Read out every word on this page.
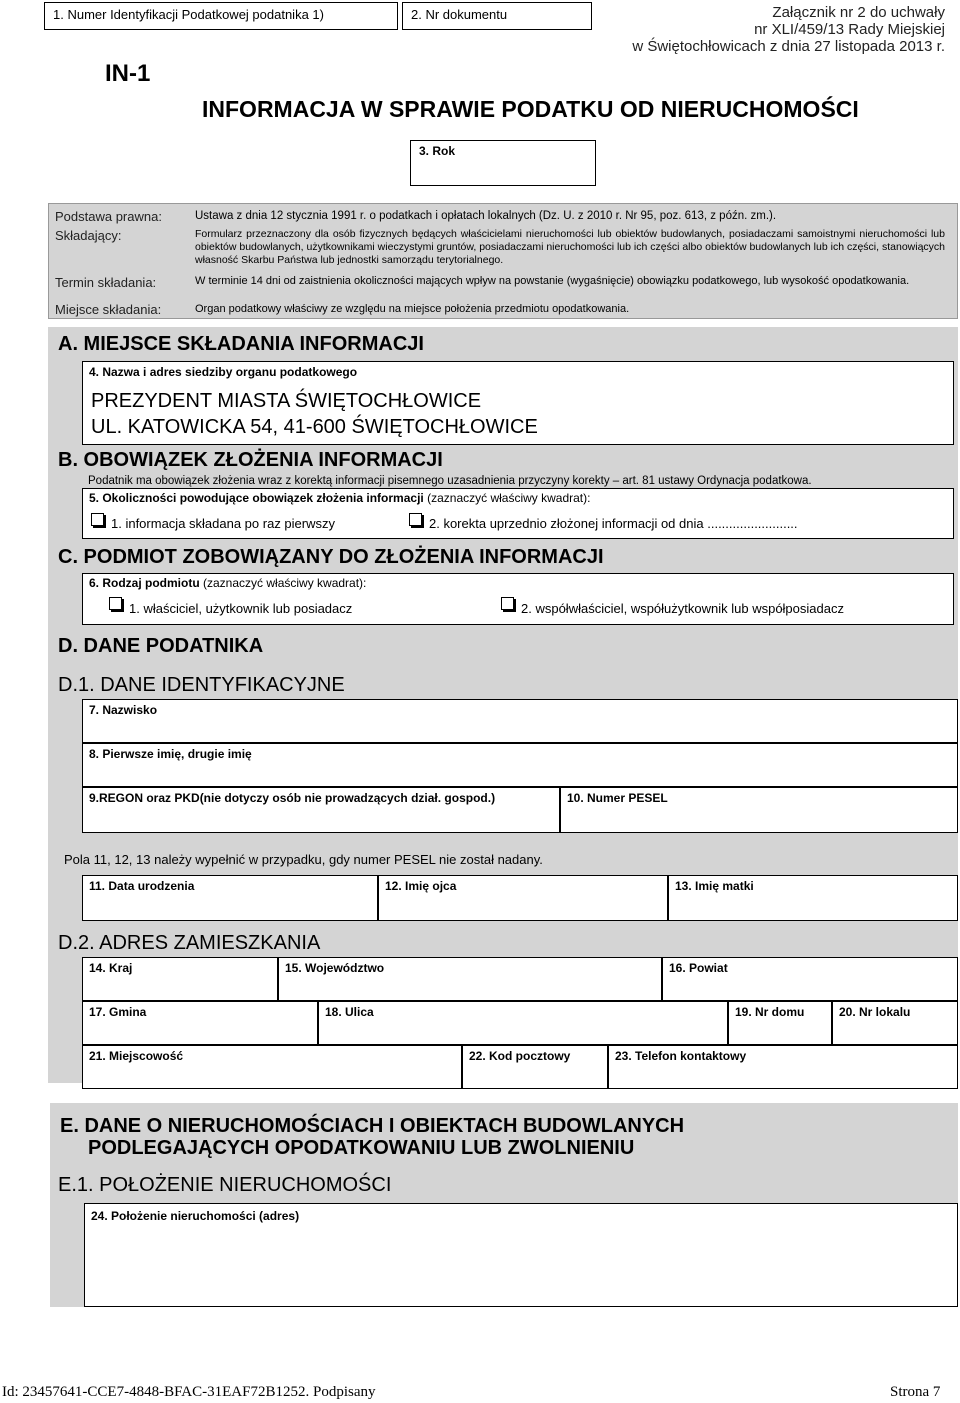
1. Numer Identyfikacji Podatkowej podatnika 1)	2. Nr dokumentu	Załącznik nr 2 do uchwały
nr XLI/459/13 Rady Miejskiej
w Świętochłowicach z dnia 27 listopada 2013 r.
IN-1
INFORMACJA W SPRAWIE PODATKU OD NIERUCHOMOŚCI
3. Rok
Podstawa prawna:	Ustawa z dnia 12 stycznia 1991 r. o podatkach i opłatach lokalnych (Dz. U. z 2010 r. Nr 95, poz. 613, z późn. zm.).
Składający:	Formularz przeznaczony dla osób fizycznych będących właścicielami nieruchomości lub obiektów budowlanych, posiadaczami samoistnymi nieruchomości lub obiektów budowlanych, użytkownikami wieczystymi gruntów, posiadaczami nieruchomości lub ich części albo obiektów budowlanych lub ich części, stanowiących własność Skarbu Państwa lub jednostki samorządu terytorialnego.
Termin składania:	W terminie 14 dni od zaistnienia okoliczności mających wpływ na powstanie (wygaśnięcie) obowiązku podatkowego, lub wysokość opodatkowania.
Miejsce składania:	Organ podatkowy właściwy ze względu na miejsce położenia przedmiotu opodatkowania.
A. MIEJSCE SKŁADANIA INFORMACJI
4. Nazwa i adres siedziby organu podatkowego
PREZYDENT MIASTA ŚWIĘTOCHŁOWICE
UL. KATOWICKA 54, 41-600 ŚWIĘTOCHŁOWICE
B. OBOWIĄZEK ZŁOŻENIA INFORMACJI
Podatnik ma obowiązek złożenia wraz z korektą informacji pisemnego uzasadnienia przyczyny korekty – art. 81 ustawy Ordynacja podatkowa.
5. Okoliczności powodujące obowiązek złożenia informacji (zaznaczyć właściwy kwadrat):
1. informacja składana po raz pierwszy	2. korekta uprzednio złożonej informacji od dnia .........................
C. PODMIOT ZOBOWIĄZANY DO ZŁOŻENIA INFORMACJI
6. Rodzaj podmiotu (zaznaczyć właściwy kwadrat):
1. właściciel, użytkownik lub posiadacz	2. współwłaściciel, współużytkownik lub współposiadacz
D. DANE PODATNIKA
D.1. DANE IDENTYFIKACYJNE
7. Nazwisko
8. Pierwsze imię, drugie imię
9.REGON oraz PKD(nie dotyczy osób nie prowadzących dział. gospod.)	10. Numer PESEL
Pola 11, 12, 13 należy wypełnić w przypadku, gdy numer PESEL nie został nadany.
11. Data urodzenia	12. Imię ojca	13. Imię matki
D.2. ADRES ZAMIESZKANIA
14. Kraj	15. Województwo	16. Powiat
17. Gmina	18. Ulica	19. Nr domu	20. Nr lokalu
21. Miejscowość	22. Kod pocztowy	23. Telefon kontaktowy
E. DANE O NIERUCHOMOŚCIACH I OBIEKTACH BUDOWLANYCH
PODLEGAJĄCYCH OPODATKOWANIU LUB ZWOLNIENIU
E.1. POŁOŻENIE NIERUCHOMOŚCI
24. Położenie nieruchomości (adres)
Id: 23457641-CCE7-4848-BFAC-31EAF72B1252. Podpisany	Strona 7
